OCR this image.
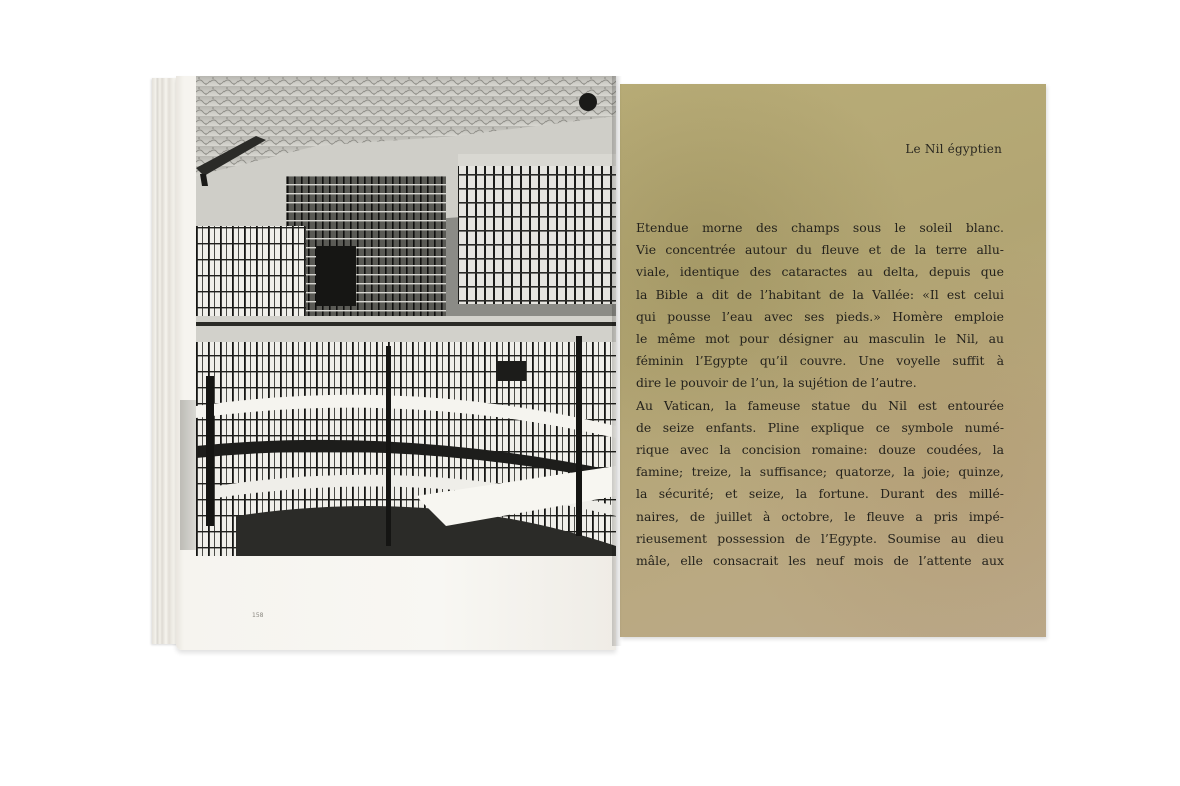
158
Le Nil égyptien
Etendue morne des champs sous le soleil blanc.
Vie concentrée autour du fleuve et de la terre allu-
viale, identique des cataractes au delta, depuis que
la Bible a dit de l’habitant de la Vallée: «Il est celui
qui pousse l’eau avec ses pieds.» Homère emploie
le même mot pour désigner au masculin le Nil, au
féminin l’Egypte qu’il couvre. Une voyelle suffit à
dire le pouvoir de l’un, la sujétion de l’autre.
Au Vatican, la fameuse statue du Nil est entourée
de seize enfants. Pline explique ce symbole numé-
rique avec la concision romaine: douze coudées, la
famine; treize, la suffisance; quatorze, la joie; quinze,
la sécurité; et seize, la fortune. Durant des millé-
naires, de juillet à octobre, le fleuve a pris impé-
rieusement possession de l’Egypte. Soumise au dieu
mâle, elle consacrait les neuf mois de l’attente aux
